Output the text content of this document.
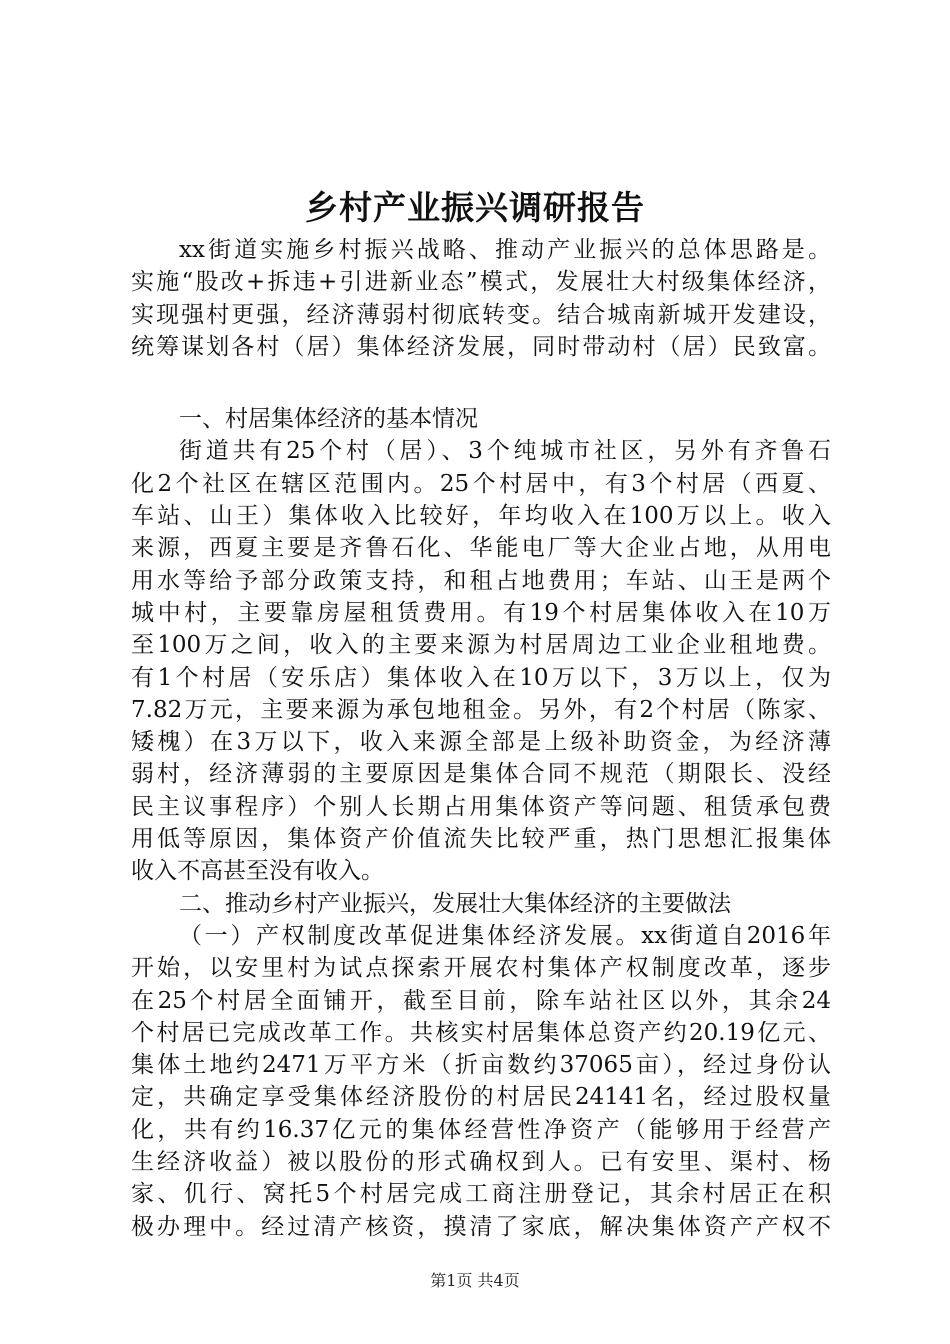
乡村产业振兴调研报告
xx街道实施乡村振兴战略、推动产业振兴的总体思路是。
实施“股改+拆违+引进新业态”模式，发展壮大村级集体经济，
实现强村更强，经济薄弱村彻底转变。结合城南新城开发建设，
统筹谋划各村（居）集体经济发展，同时带动村（居）民致富。
一、村居集体经济的基本情况
街道共有25个村（居）、3个纯城市社区，另外有齐鲁石
化2个社区在辖区范围内。25个村居中，有3个村居（西夏、
车站、山王）集体收入比较好，年均收入在100万以上。收入
来源，西夏主要是齐鲁石化、华能电厂等大企业占地，从用电
用水等给予部分政策支持，和租占地费用；车站、山王是两个
城中村，主要靠房屋租赁费用。有19个村居集体收入在10万
至100万之间，收入的主要来源为村居周边工业企业租地费。
有1个村居（安乐店）集体收入在10万以下，3万以上，仅为
7.82万元，主要来源为承包地租金。另外，有2个村居（陈家、
矮槐）在3万以下，收入来源全部是上级补助资金，为经济薄
弱村，经济薄弱的主要原因是集体合同不规范（期限长、没经
民主议事程序）个别人长期占用集体资产等问题、租赁承包费
用低等原因，集体资产价值流失比较严重，热门思想汇报集体
收入不高甚至没有收入。
二、推动乡村产业振兴，发展壮大集体经济的主要做法
（一）产权制度改革促进集体经济发展。xx街道自2016年
开始，以安里村为试点探索开展农村集体产权制度改革，逐步
在25个村居全面铺开，截至目前，除车站社区以外，其余24
个村居已完成改革工作。共核实村居集体总资产约20.19亿元、
集体土地约2471万平方米（折亩数约37065亩），经过身份认
定，共确定享受集体经济股份的村居民24141名，经过股权量
化，共有约16.37亿元的集体经营性净资产（能够用于经营产
生经济收益）被以股份的形式确权到人。已有安里、渠村、杨
家、仉行、窝托5个村居完成工商注册登记，其余村居正在积
极办理中。经过清产核资，摸清了家底，解决集体资产产权不
第1页 共4页
